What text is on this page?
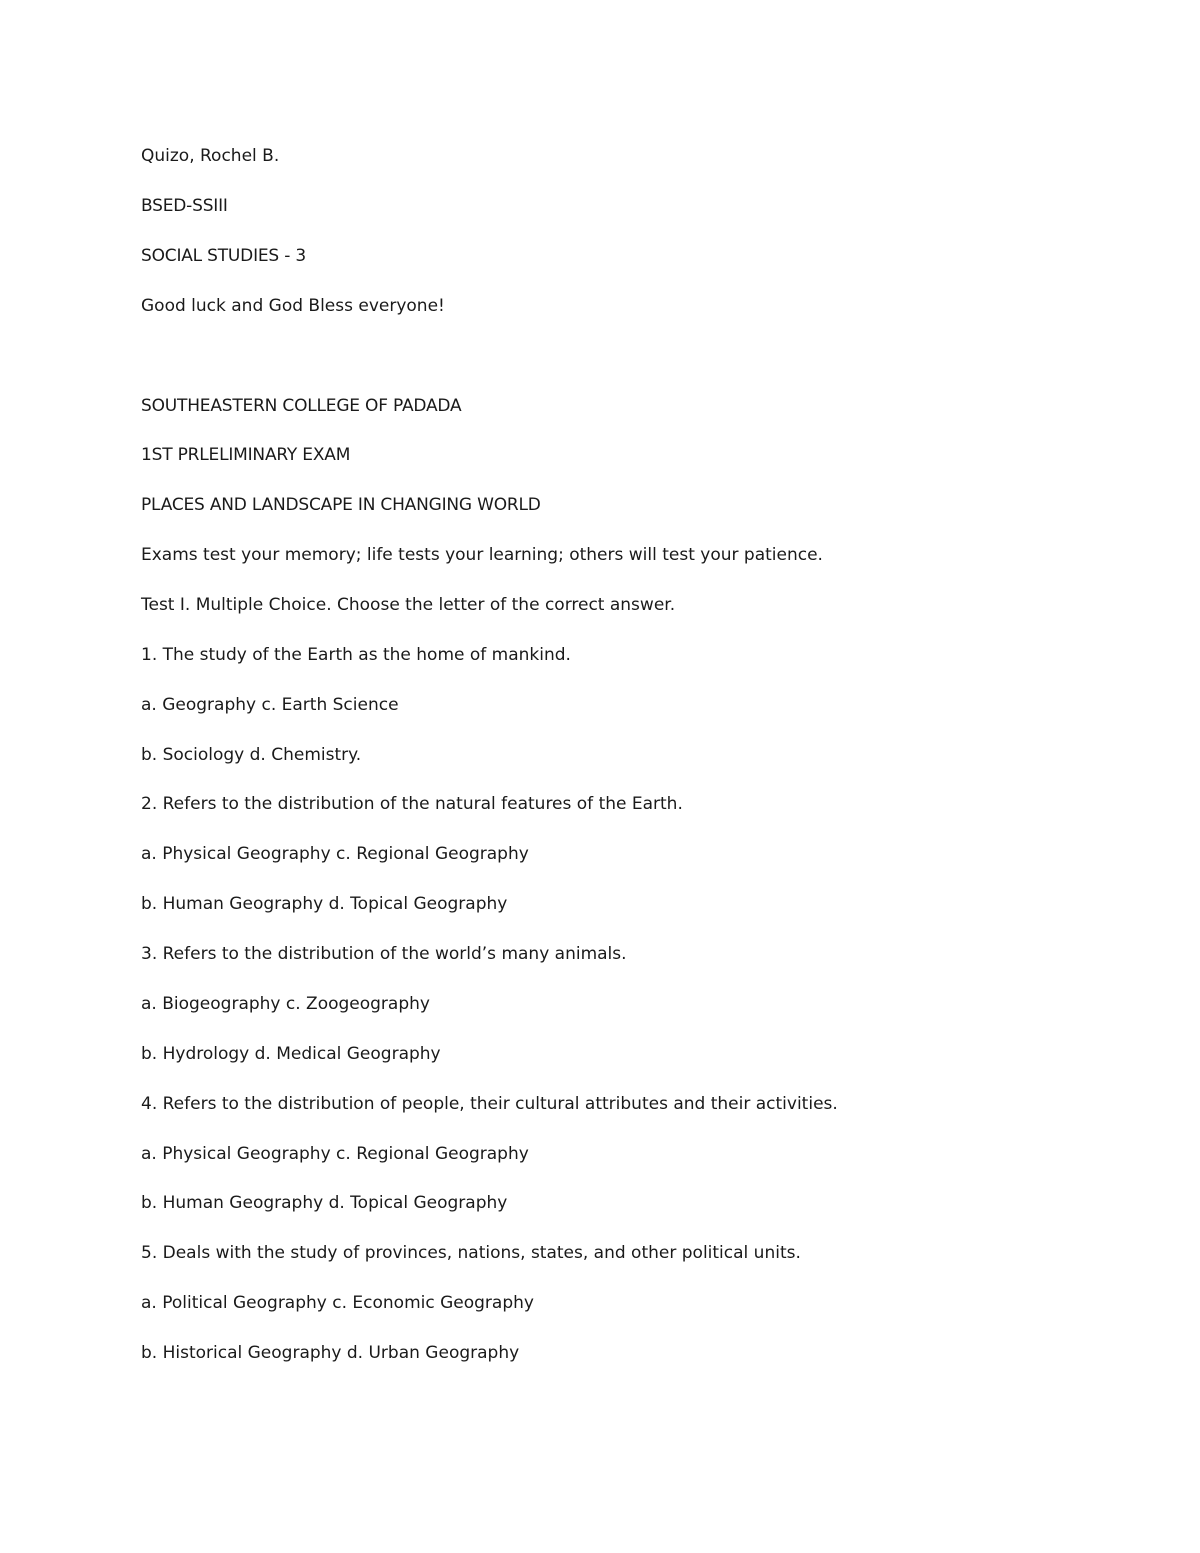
Quizo, Rochel B.

BSED-SSIII

SOCIAL STUDIES - 3

Good luck and God Bless everyone!

SOUTHEASTERN COLLEGE OF PADADA

1ST PRLELIMINARY EXAM

PLACES AND LANDSCAPE IN CHANGING WORLD

Exams test your memory; life tests your learning; others will test your patience.

Test I. Multiple Choice. Choose the letter of the correct answer.

1. The study of the Earth as the home of mankind.

a. Geography c. Earth Science

b. Sociology d. Chemistry.

2. Refers to the distribution of the natural features of the Earth.

a. Physical Geography c. Regional Geography

b. Human Geography d. Topical Geography

3. Refers to the distribution of the world’s many animals.

a. Biogeography c. Zoogeography

b. Hydrology d. Medical Geography

4. Refers to the distribution of people, their cultural attributes and their activities.

a. Physical Geography c. Regional Geography

b. Human Geography d. Topical Geography

5. Deals with the study of provinces, nations, states, and other political units.

a. Political Geography c. Economic Geography

b. Historical Geography d. Urban Geography
